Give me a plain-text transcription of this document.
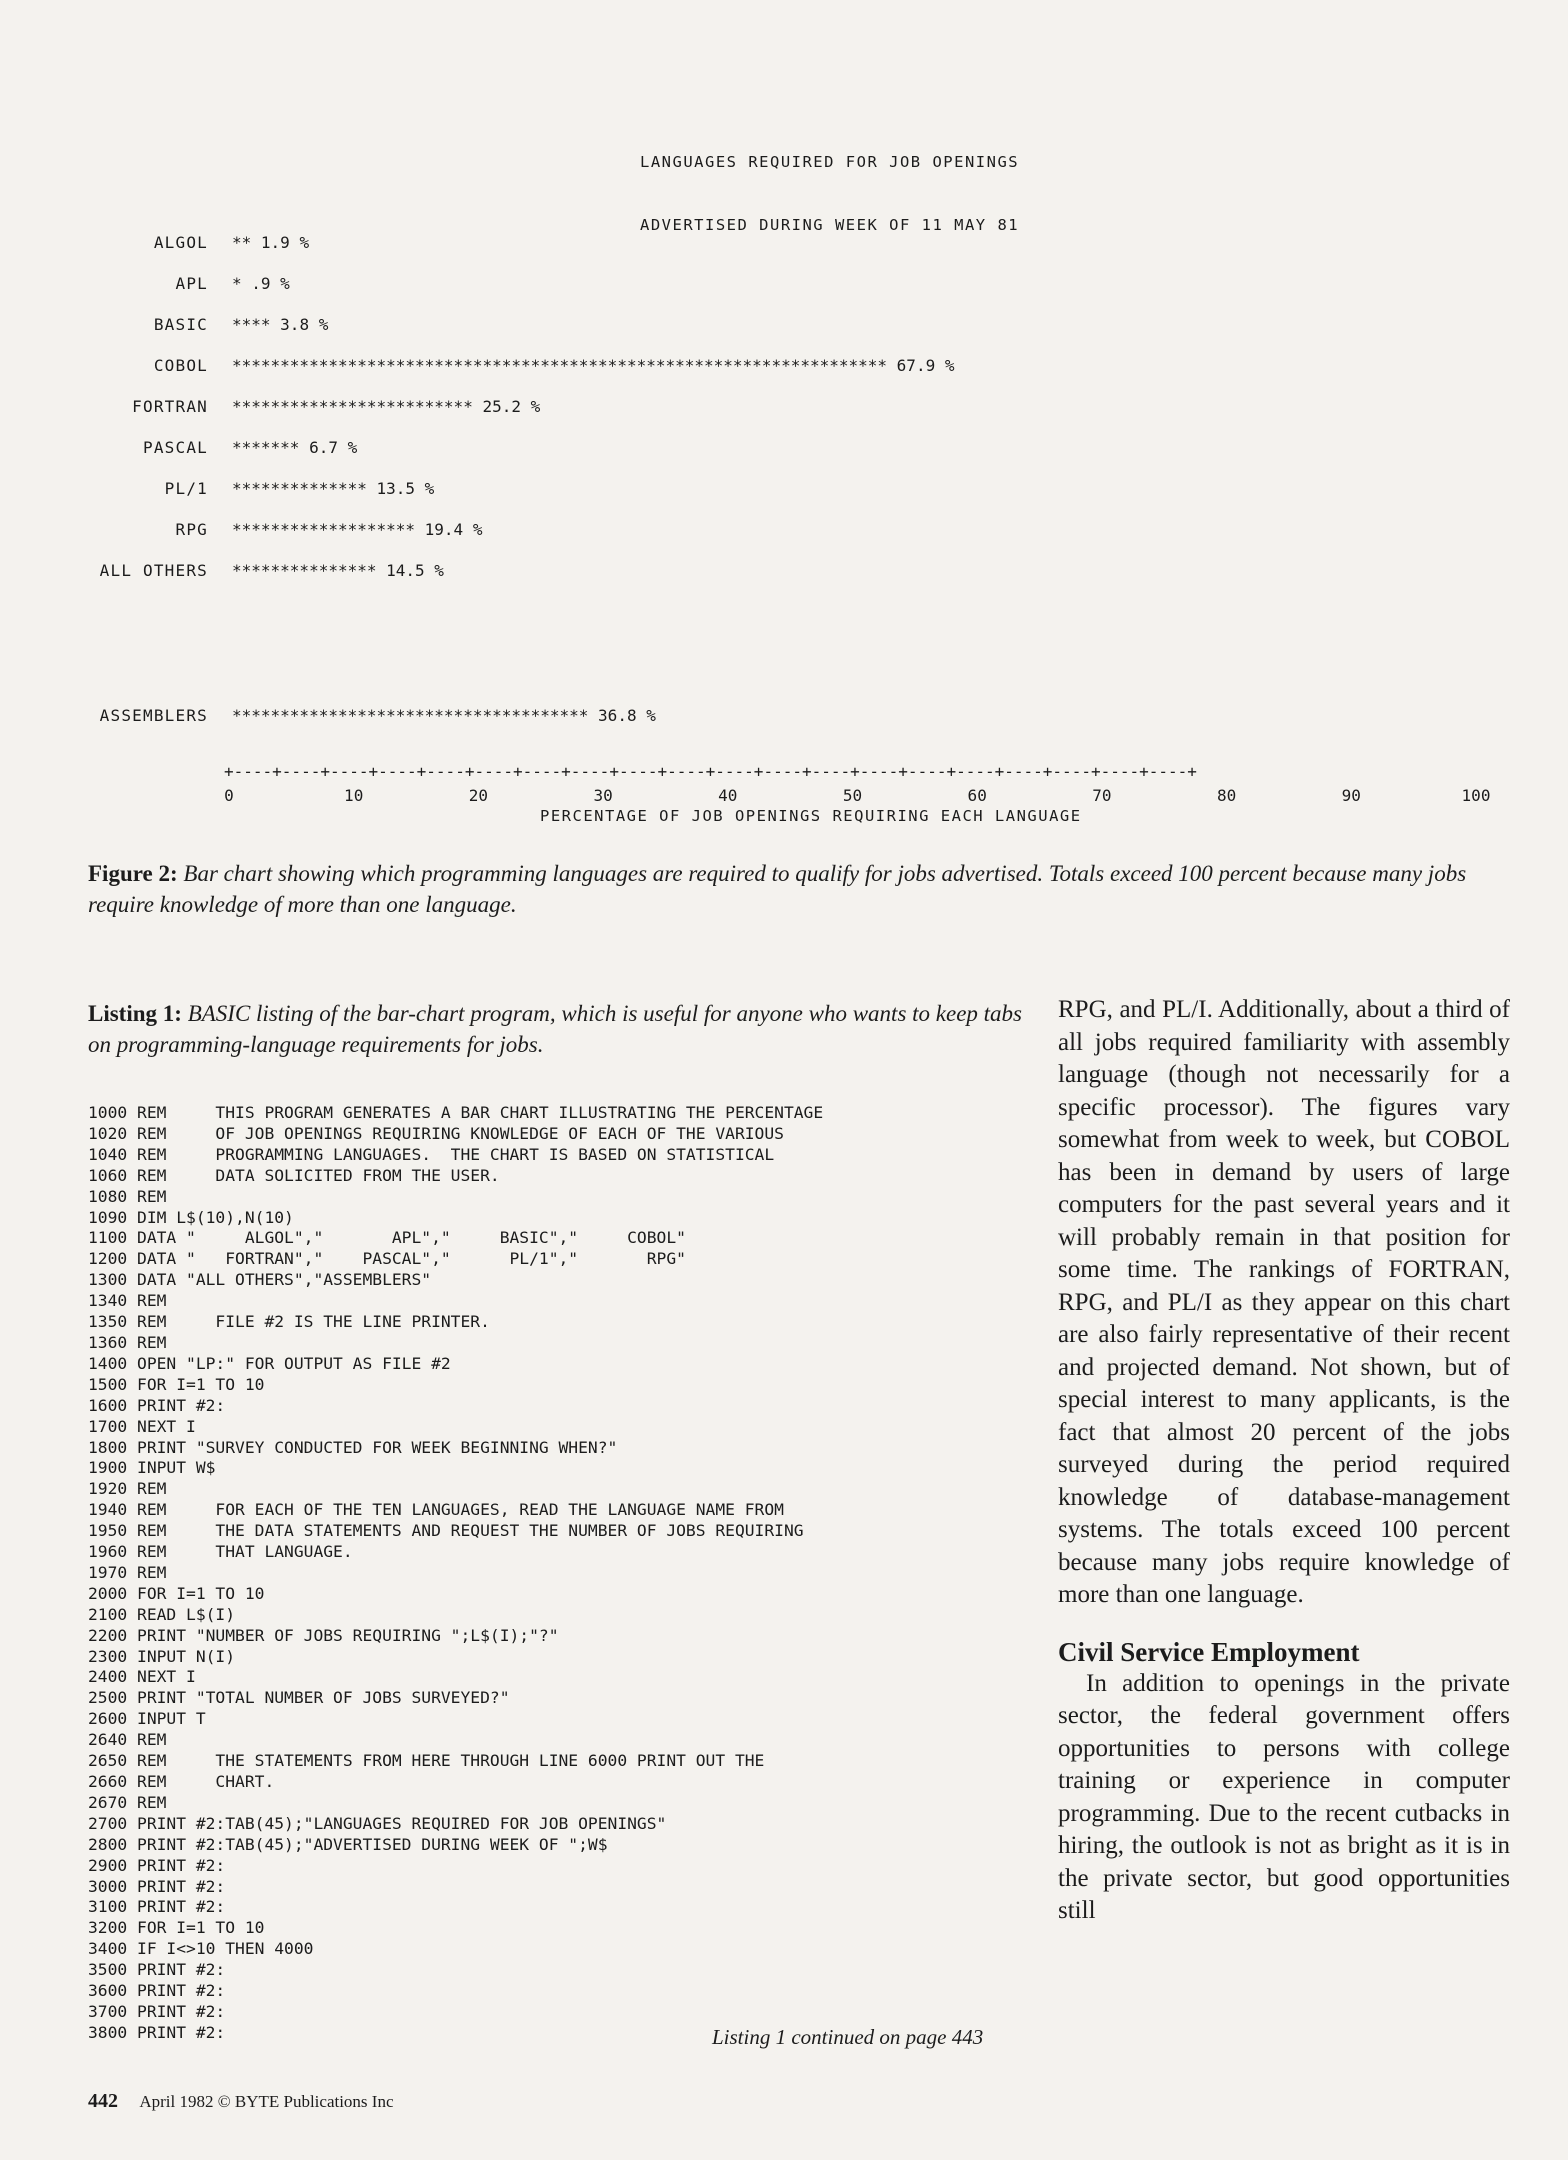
LANGUAGES REQUIRED FOR JOB OPENINGS

ADVERTISED DURING WEEK OF 11 MAY 81

ALGOL ** 1.9 %
APL * .9 %
BASIC **** 3.8 %
COBOL ******************************************************************** 67.9 %
FORTRAN ************************* 25.2 %
PASCAL ******* 6.7 %
PL/1 ************** 13.5 %
RPG ******************* 19.4 %
ALL OTHERS *************** 14.5 %
ASSEMBLERS ************************************* 36.8 %
+----+----+----+----+----+----+----+----+----+----+----+----+----+----+----+----+----+----+----+----+
0	10	20	30	40	50	60	70	80	90	100
PERCENTAGE OF JOB OPENINGS REQUIRING EACH LANGUAGE
Figure 2: Bar chart showing which programming languages are required to qualify for jobs advertised. Totals exceed 100 percent because many jobs require knowledge of more than one language.
Listing 1: BASIC listing of the bar-chart program, which is useful for anyone who wants to keep tabs on programming-language requirements for jobs.
1000 REM     THIS PROGRAM GENERATES A BAR CHART ILLUSTRATING THE PERCENTAGE
1020 REM     OF JOB OPENINGS REQUIRING KNOWLEDGE OF EACH OF THE VARIOUS
1040 REM     PROGRAMMING LANGUAGES.  THE CHART IS BASED ON STATISTICAL
1060 REM     DATA SOLICITED FROM THE USER.
1080 REM
1090 DIM L$(10),N(10)
1100 DATA "     ALGOL","       APL","     BASIC","     COBOL"
1200 DATA "   FORTRAN","    PASCAL","      PL/1","       RPG"
1300 DATA "ALL OTHERS","ASSEMBLERS"
1340 REM
1350 REM     FILE #2 IS THE LINE PRINTER.
1360 REM
1400 OPEN "LP:" FOR OUTPUT AS FILE #2
1500 FOR I=1 TO 10
1600 PRINT #2:
1700 NEXT I
1800 PRINT "SURVEY CONDUCTED FOR WEEK BEGINNING WHEN?"
1900 INPUT W$
1920 REM
1940 REM     FOR EACH OF THE TEN LANGUAGES, READ THE LANGUAGE NAME FROM
1950 REM     THE DATA STATEMENTS AND REQUEST THE NUMBER OF JOBS REQUIRING
1960 REM     THAT LANGUAGE.
1970 REM
2000 FOR I=1 TO 10
2100 READ L$(I)
2200 PRINT "NUMBER OF JOBS REQUIRING ";L$(I);"?"
2300 INPUT N(I)
2400 NEXT I
2500 PRINT "TOTAL NUMBER OF JOBS SURVEYED?"
2600 INPUT T
2640 REM
2650 REM     THE STATEMENTS FROM HERE THROUGH LINE 6000 PRINT OUT THE
2660 REM     CHART.
2670 REM
2700 PRINT #2:TAB(45);"LANGUAGES REQUIRED FOR JOB OPENINGS"
2800 PRINT #2:TAB(45);"ADVERTISED DURING WEEK OF ";W$
2900 PRINT #2:
3000 PRINT #2:
3100 PRINT #2:
3200 FOR I=1 TO 10
3400 IF I<>10 THEN 4000
3500 PRINT #2:
3600 PRINT #2:
3700 PRINT #2:
3800 PRINT #2:	Listing 1 continued on page 443

RPG, and PL/I. Additionally, about a third of all jobs required familiarity with assembly language (though not necessarily for a specific processor). The figures vary somewhat from week to week, but COBOL has been in demand by users of large computers for the past several years and it will probably remain in that position for some time. The rankings of FORTRAN, RPG, and PL/I as they appear on this chart are also fairly representative of their recent and projected demand. Not shown, but of special interest to many applicants, is the fact that almost 20 percent of the jobs surveyed during the period required knowledge of database-management systems. The totals exceed 100 percent because many jobs require knowledge of more than one language.

Civil Service Employment

In addition to openings in the private sector, the federal government offers opportunities to persons with college training or experience in computer programming. Due to the recent cutbacks in hiring, the outlook is not as bright as it is in the private sector, but good opportunities still

442 April 1982 © BYTE Publications Inc
